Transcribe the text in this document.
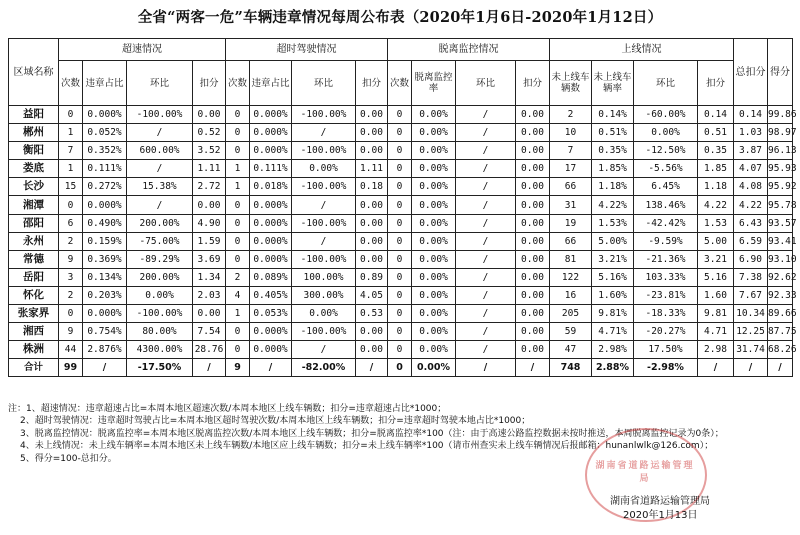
全省“两客一危”车辆违章情况每周公布表（2020年1月6日-2020年1月12日）
区域名称	超速情况				超时驾驶情况				脱离监控情况				上线情况				总扣分	得分
	次数	违章占比	环比	扣分	次数	违章占比	环比	扣分	次数	脱离监控率	环比	扣分	未上线车辆数	未上线车辆率	环比	扣分		
益阳	0	0.000%	-100.00%	0.00	0	0.000%	-100.00%	0.00	0	0.00%	/	0.00	2	0.14%	-60.00%	0.14	0.14	99.86
郴州	1	0.052%	/	0.52	0	0.000%	/	0.00	0	0.00%	/	0.00	10	0.51%	0.00%	0.51	1.03	98.97
衡阳	7	0.352%	600.00%	3.52	0	0.000%	-100.00%	0.00	0	0.00%	/	0.00	7	0.35%	-12.50%	0.35	3.87	96.13
娄底	1	0.111%	/	1.11	1	0.111%	0.00%	1.11	0	0.00%	/	0.00	17	1.85%	-5.56%	1.85	4.07	95.93
长沙	15	0.272%	15.38%	2.72	1	0.018%	-100.00%	0.18	0	0.00%	/	0.00	66	1.18%	6.45%	1.18	4.08	95.92
湘潭	0	0.000%	/	0.00	0	0.000%	/	0.00	0	0.00%	/	0.00	31	4.22%	138.46%	4.22	4.22	95.78
邵阳	6	0.490%	200.00%	4.90	0	0.000%	-100.00%	0.00	0	0.00%	/	0.00	19	1.53%	-42.42%	1.53	6.43	93.57
永州	2	0.159%	-75.00%	1.59	0	0.000%	/	0.00	0	0.00%	/	0.00	66	5.00%	-9.59%	5.00	6.59	93.41
常德	9	0.369%	-89.29%	3.69	0	0.000%	-100.00%	0.00	0	0.00%	/	0.00	81	3.21%	-21.36%	3.21	6.90	93.10
岳阳	3	0.134%	200.00%	1.34	2	0.089%	100.00%	0.89	0	0.00%	/	0.00	122	5.16%	103.33%	5.16	7.38	92.62
怀化	2	0.203%	0.00%	2.03	4	0.405%	300.00%	4.05	0	0.00%	/	0.00	16	1.60%	-23.81%	1.60	7.67	92.33
张家界	0	0.000%	-100.00%	0.00	1	0.053%	0.00%	0.53	0	0.00%	/	0.00	205	9.81%	-18.33%	9.81	10.34	89.66
湘西	9	0.754%	80.00%	7.54	0	0.000%	-100.00%	0.00	0	0.00%	/	0.00	59	4.71%	-20.27%	4.71	12.25	87.75
株洲	44	2.876%	4300.00%	28.76	0	0.000%	/	0.00	0	0.00%	/	0.00	47	2.98%	17.50%	2.98	31.74	68.26
合计	99	/	-17.50%	/	9	/	-82.00%	/	0	0.00%	/	/	748	2.88%	-2.98%	/	/	/
注：1、超速情况：违章超速占比=本周本地区超速次数/本周本地区上线车辆数；扣分=违章超速占比*1000；
2、超时驾驶情况：违章超时驾驶占比=本周本地区超时驾驶次数/本周本地区上线车辆数；扣分=违章超时驾驶本地占比*1000；
3、脱离监控情况：脱离监控率=本周本地区脱离监控次数/本周本地区上线车辆数；扣分=脱离监控率*100（注：由于高速公路监控数据未按时推送，本周脱离监控记录为0条）；
4、未上线情况：未上线车辆率=本周本地区未上线车辆数/本地区应上线车辆数；扣分=未上线车辆率*100（请市州查实未上线车辆情况后报邮箱：hunanlwlk@126.com）；
5、得分=100-总扣分。
湖南省道路运输管理局
湖南省道路运输管理局
2020年1月13日
